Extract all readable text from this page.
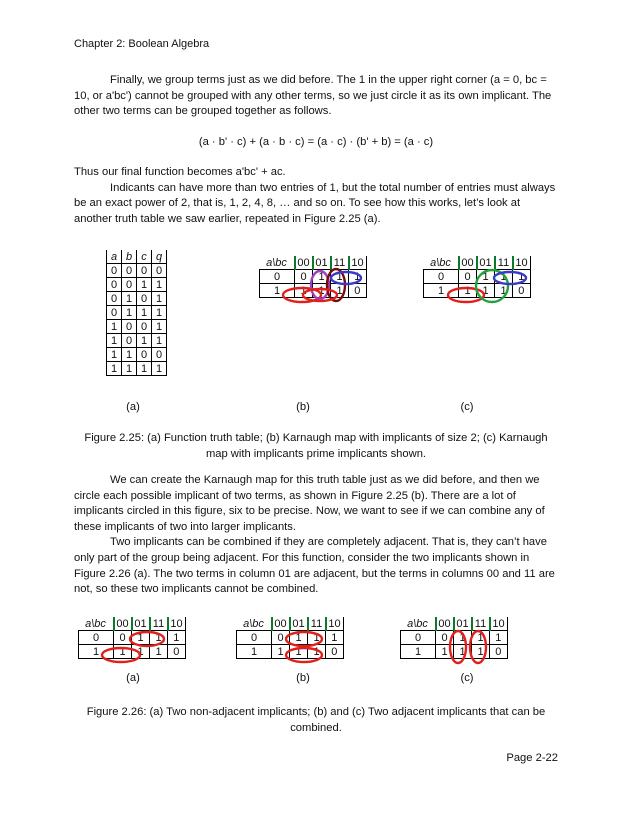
Chapter 2: Boolean Algebra

Finally, we group terms just as we did before. The 1 in the upper right corner (a = 0, bc = 10, or a'bc') cannot be grouped with any other terms, so we just circle it as its own implicant. The other two terms can be grouped together as follows.

(a · b' · c) + (a · b · c) = (a · c) · (b' + b) = (a · c)

Thus our final function becomes a'bc' + ac.

Indicants can have more than two entries of 1, but the total number of entries must always be an exact power of 2, that is, 1, 2, 4, 8, … and so on. To see how this works, let’s look at another truth table we saw earlier, repeated in Figure 2.25 (a).

a	b	c	q
0	0	0	0
0	0	1	1
0	1	0	1
0	1	1	1
1	0	0	1
1	0	1	1
1	1	0	0
1	1	1	1
a\bc	00	01	11	10
0	0	1	1	1
1	1	1	1	0
a\bc	00	01	11	10
0	0	1	1	1
1	1	1	1	0
a\bc	00	01	11	10
0	0	1	1	1
1	1	1	1	0
a\bc	00	01	11	10
0	0	1	1	1
1	1	1	1	0
a\bc	00	01	11	10
0	0	1	1	1
1	1	1	1	0
(a)	(b)	(c)
Figure 2.25: (a) Function truth table; (b) Karnaugh map with implicants of size 2; (c) Karnaugh map with implicants prime implicants shown.

We can create the Karnaugh map for this truth table just as we did before, and then we circle each possible implicant of two terms, as shown in Figure 2.25 (b). There are a lot of implicants circled in this figure, six to be precise. Now, we want to see if we can combine any of these implicants of two into larger implicants.

Two implicants can be combined if they are completely adjacent. That is, they can’t have only part of the group being adjacent. For this function, consider the two implicants shown in Figure 2.26 (a). The two terms in column 01 are adjacent, but the terms in columns 00 and 11 are not, so these two implicants cannot be combined.

(a)	(b)	(c)
Figure 2.26: (a) Two non-adjacent implicants; (b) and (c) Two adjacent implicants that can be combined.
Page 2-22
